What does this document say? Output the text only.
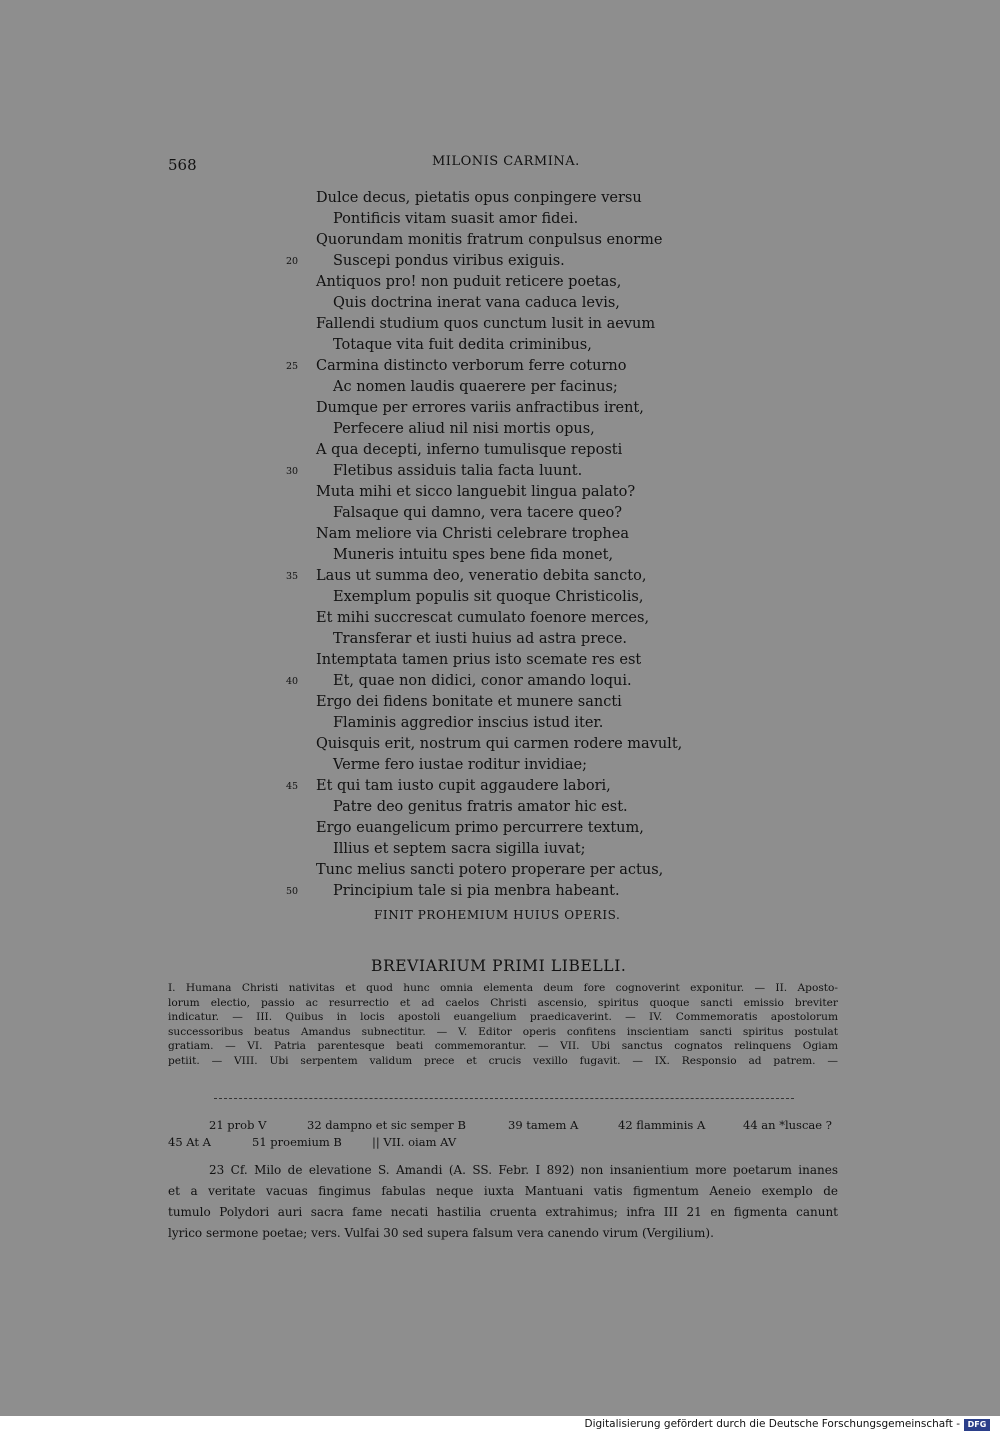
568	MILONIS CARMINA.
Dulce decus, pietatis opus conpingere versu
Pontificis vitam suasit amor fidei.
Quorundam monitis fratrum conpulsus enorme
20 Suscepi pondus viribus exiguis.
Antiquos pro! non puduit reticere poetas,
Quis doctrina inerat vana caduca levis,
Fallendi studium quos cunctum lusit in aevum
Totaque vita fuit dedita criminibus,
25 Carmina distincto verborum ferre coturno
Ac nomen laudis quaerere per facinus;
Dumque per errores variis anfractibus irent,
Perfecere aliud nil nisi mortis opus,
A qua decepti, inferno tumulisque reposti
30 Fletibus assiduis talia facta luunt.
Muta mihi et sicco languebit lingua palato?
Falsaque qui damno, vera tacere queo?
Nam meliore via Christi celebrare trophea
Muneris intuitu spes bene fida monet,
35 Laus ut summa deo, veneratio debita sancto,
Exemplum populis sit quoque Christicolis,
Et mihi succrescat cumulato foenore merces,
Transferar et iusti huius ad astra prece.
Intemptata tamen prius isto scemate res est
40 Et, quae non didici, conor amando loqui.
Ergo dei fidens bonitate et munere sancti
Flaminis aggredior inscius istud iter.
Quisquis erit, nostrum qui carmen rodere mavult,
Verme fero iustae roditur invidiae;
45 Et qui tam iusto cupit aggaudere labori,
Patre deo genitus fratris amator hic est.
Ergo euangelicum primo percurrere textum,
Illius et septem sacra sigilla iuvat;
Tunc melius sancti potero properare per actus,
50 Principium tale si pia menbra habeant.
FINIT PROHEMIUM HUIUS OPERIS.
BREVIARIUM PRIMI LIBELLI.
I. Humana Christi nativitas et quod hunc omnia elementa deum fore cognoverint exponitur. — II. Aposto-
lorum electio, passio ac resurrectio et ad caelos Christi ascensio, spiritus quoque sancti emissio breviter
indicatur. — III. Quibus in locis apostoli euangelium praedicaverint. — IV. Commemoratis apostolorum
successoribus beatus Amandus subnectitur. — V. Editor operis confitens inscientiam sancti spiritus postulat
gratiam. — VI. Patria parentesque beati commemorantur. — VII. Ubi sanctus cognatos relinquens Ogiam
petiit. — VIII. Ubi serpentem validum prece et crucis vexillo fugavit. — IX. Responsio ad patrem. —
21 prob V	32 dampno et sic semper B	39 tamem A	42 flamminis A	44 an *luscae ?
45 At A	51 proemium B	|| VII. oiam AV

23 Cf. Milo de elevatione S. Amandi (A. SS. Febr. I 892) non insanientium more poetarum inanes

et a veritate vacuas fingimus fabulas neque iuxta Mantuani vatis figmentum Aeneio exemplo de

tumulo Polydori auri sacra fame necati hastilia cruenta extrahimus; infra III 21 en figmenta canunt

lyrico sermone poetae; vers. Vulfai 30 sed supera falsum vera canendo virum (Vergilium).

Digitalisierung gefördert durch die Deutsche Forschungsgemeinschaft - DFG
